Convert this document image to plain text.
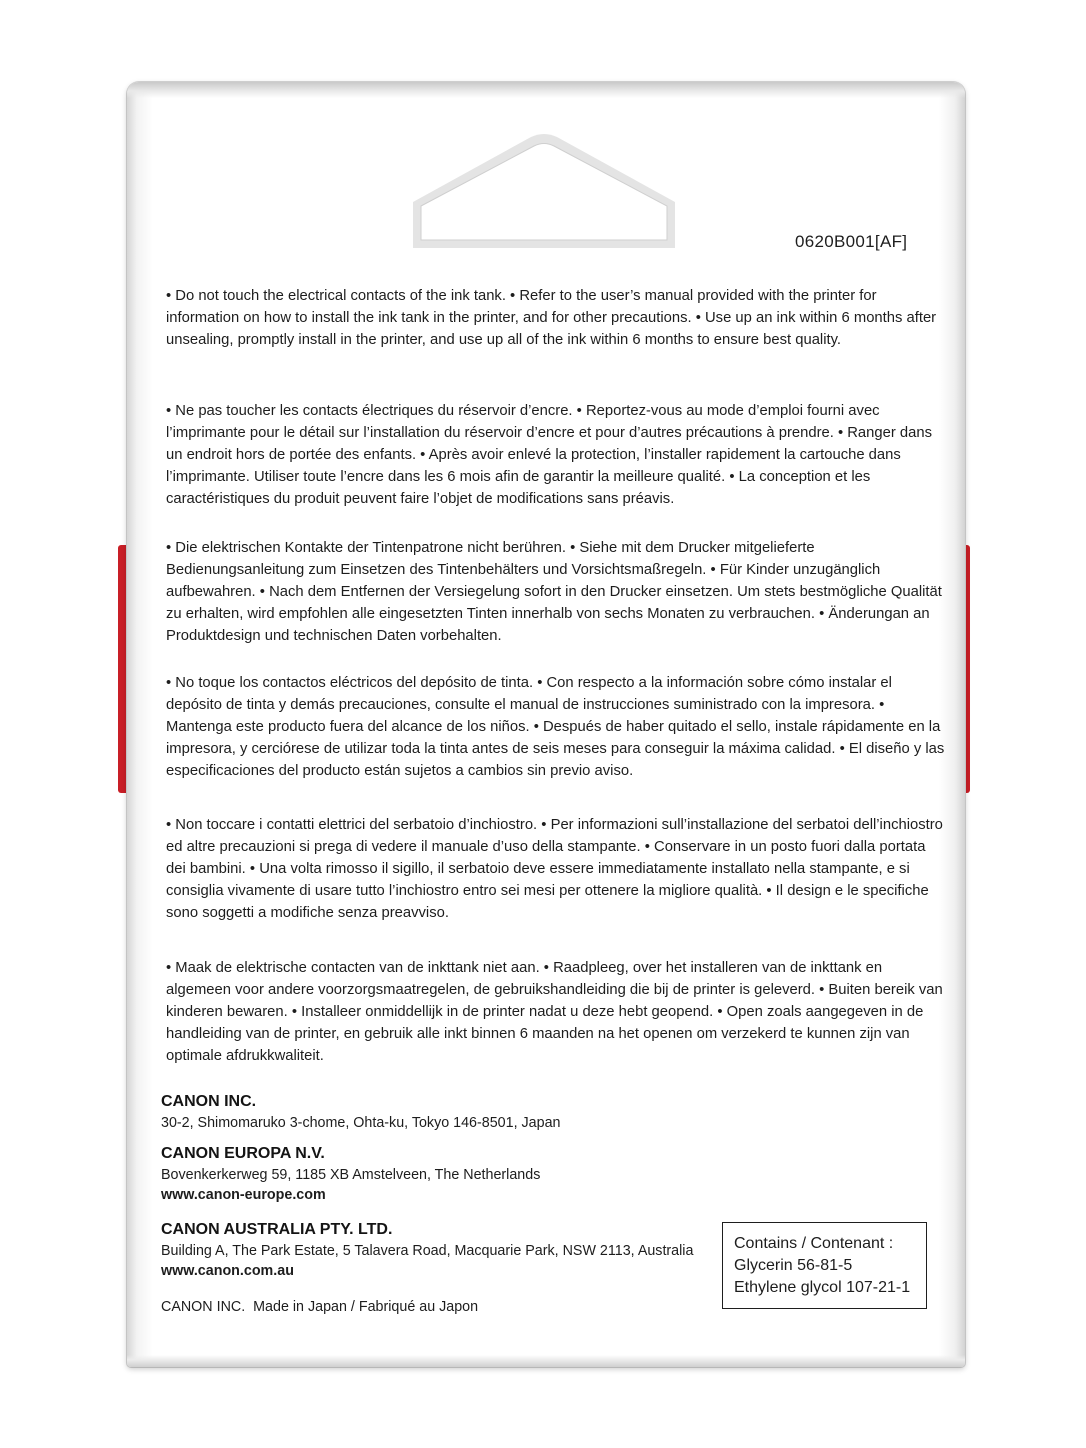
0620B001[AF]

• Do not touch the electrical contacts of the ink tank. • Refer to the user’s manual provided with the printer for information on how to install the ink tank in the printer, and for other precautions. • Use up an ink within 6 months after unsealing, promptly install in the printer, and use up all of the ink within 6 months to ensure best quality.

• Ne pas toucher les contacts électriques du réservoir d’encre. • Reportez-vous au mode d’emploi fourni avec l’imprimante pour le détail sur l’installation du réservoir d’encre et pour d’autres précautions à prendre. • Ranger dans un endroit hors de portée des enfants. • Après avoir enlevé la protection, l’installer rapidement la cartouche dans l’imprimante. Utiliser toute l’encre dans les 6 mois afin de garantir la meilleure qualité. • La conception et les caractéristiques du produit peuvent faire l’objet de modifications sans préavis.

• Die elektrischen Kontakte der Tintenpatrone nicht berühren. • Siehe mit dem Drucker mitgelieferte Bedienungsanleitung zum Einsetzen des Tintenbehälters und Vorsichtsmaßregeln. • Für Kinder unzugänglich aufbewahren. • Nach dem Entfernen der Versiegelung sofort in den Drucker einsetzen. Um stets bestmögliche Qualität zu erhalten, wird empfohlen alle eingesetzten Tinten innerhalb von sechs Monaten zu verbrauchen. • Änderungan an Produktdesign und technischen Daten vorbehalten.

• No toque los contactos eléctricos del depósito de tinta. • Con respecto a la información sobre cómo instalar el depósito de tinta y demás precauciones, consulte el manual de instrucciones suministrado con la impresora. • Mantenga este producto fuera del alcance de los niños. • Después de haber quitado el sello, instale rápidamente en la impresora, y cerciórese de utilizar toda la tinta antes de seis meses para conseguir la máxima calidad. • El diseño y las especificaciones del producto están sujetos a cambios sin previo aviso.

• Non toccare i contatti elettrici del serbatoio d’inchiostro. • Per informazioni sull’installazione del serbatoi dell’inchiostro ed altre precauzioni si prega di vedere il manuale d’uso della stampante. • Conservare in un posto fuori dalla portata dei bambini. • Una volta rimosso il sigillo, il serbatoio deve essere immediatamente installato nella stampante, e si consiglia vivamente di usare tutto l’inchiostro entro sei mesi per ottenere la migliore qualità. • Il design e le specifiche sono soggetti a modifiche senza preavviso.

• Maak de elektrische contacten van de inkttank niet aan. • Raadpleeg, over het installeren van de inkttank en algemeen voor andere voorzorgsmaatregelen, de gebruikshandleiding die bij de printer is geleverd. • Buiten bereik van kinderen bewaren. • Installeer onmiddellijk in de printer nadat u deze hebt geopend. • Open zoals aangegeven in de handleiding van de printer, en gebruik alle inkt binnen 6 maanden na het openen om verzekerd te kunnen zijn van optimale afdrukkwaliteit.

CANON INC.
30-2, Shimomaruko 3-chome, Ohta-ku, Tokyo 146-8501, Japan
CANON EUROPA N.V.
Bovenkerkerweg 59, 1185 XB Amstelveen, The Netherlands
www.canon-europe.com
CANON AUSTRALIA PTY. LTD.
Building A, The Park Estate, 5 Talavera Road, Macquarie Park, NSW 2113, Australia
www.canon.com.au
CANON INC.  Made in Japan / Fabriqué au Japon
Contains / Contenant :
Glycerin 56-81-5
Ethylene glycol 107-21-1
